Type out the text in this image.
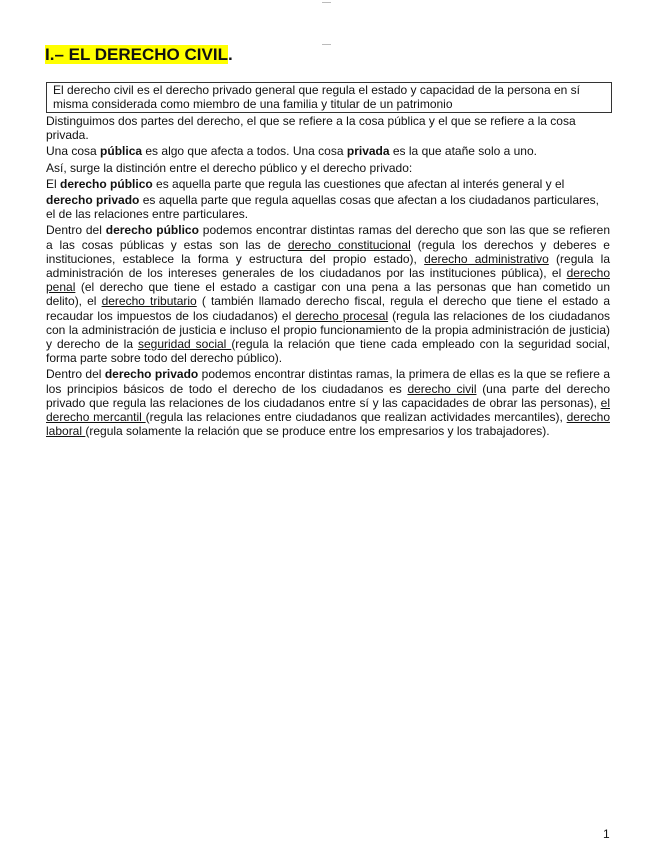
I.– EL DERECHO CIVIL.
El derecho civil es el derecho privado general que regula el estado y capacidad de la persona en sí misma considerada como miembro de una familia y titular de un patrimonio

Distinguimos dos partes del derecho, el que se refiere a la cosa pública y el que se refiere a la cosa privada.

Una cosa pública es algo que afecta a todos. Una cosa privada es la que atañe solo a uno.

Así, surge la distinción entre el derecho público y el derecho privado:

El derecho público es aquella parte que regula las cuestiones que afectan al interés general y el

derecho privado es aquella parte que regula aquellas cosas que afectan a los ciudadanos particulares, el de las relaciones entre particulares.

Dentro del derecho público podemos encontrar distintas ramas del derecho que son las que se refieren a las cosas públicas y estas son las de derecho constitucional (regula los derechos y deberes e instituciones, establece la forma y estructura del propio estado), derecho administrativo (regula la administración de los intereses generales de los ciudadanos por las instituciones pública), el derecho penal (el derecho que tiene el estado a castigar con una pena a las personas que han cometido un delito), el derecho tributario ( también llamado derecho fiscal, regula el derecho que tiene el estado a recaudar los impuestos de los ciudadanos) el derecho procesal (regula las relaciones de los ciudadanos con la administración de justicia e incluso el propio funcionamiento de la propia administración de justicia) y derecho de la seguridad social (regula la relación que tiene cada empleado con la seguridad social, forma parte sobre todo del derecho público).

Dentro del derecho privado podemos encontrar distintas ramas, la primera de ellas es la que se refiere a los principios básicos de todo el derecho de los ciudadanos es derecho civil (una parte del derecho privado que regula las relaciones de los ciudadanos entre sí y las capacidades de obrar las personas), el derecho mercantil (regula las relaciones entre ciudadanos que realizan actividades mercantiles), derecho laboral (regula solamente la relación que se produce entre los empresarios y los trabajadores).

1
